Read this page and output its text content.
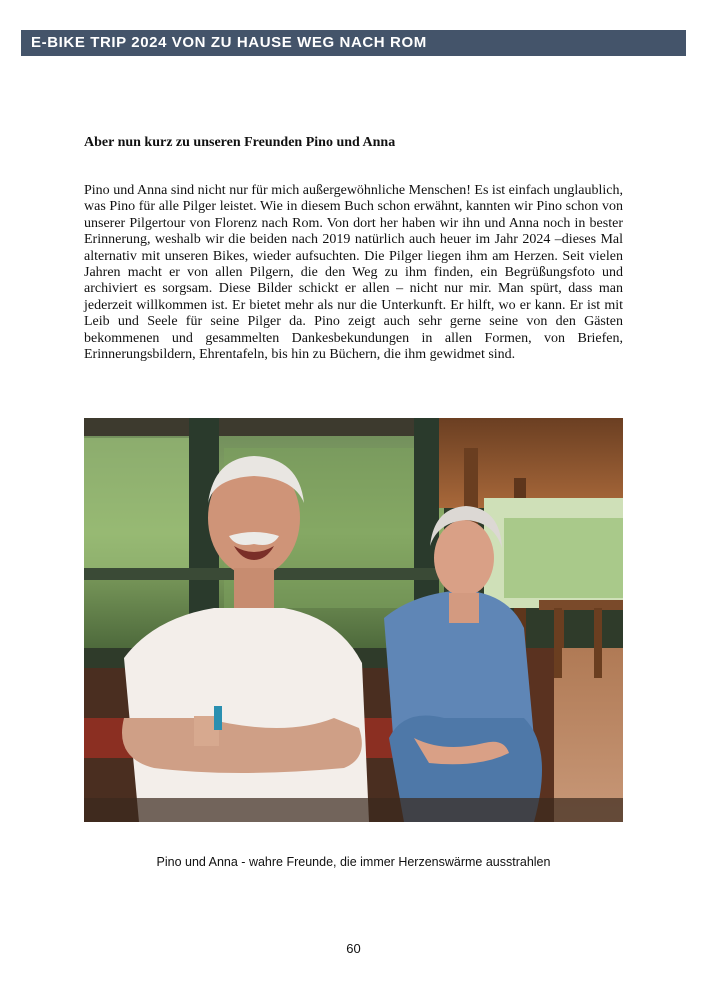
E-BIKE TRIP 2024 VON ZU HAUSE WEG NACH ROM
Aber nun kurz zu unseren Freunden Pino und Anna

Pino und Anna sind nicht nur für mich außergewöhnliche Menschen! Es ist einfach unglaublich, was Pino für alle Pilger leistet. Wie in diesem Buch schon erwähnt, kannten wir Pino schon von unserer Pilgertour von Florenz nach Rom. Von dort her haben wir ihn und Anna noch in bester Erinnerung, weshalb wir die beiden nach 2019 natürlich auch heuer im Jahr 2024 –dieses Mal alternativ mit unseren Bikes, wieder aufsuchten. Die Pilger liegen ihm am Herzen. Seit vielen Jahren macht er von allen Pilgern, die den Weg zu ihm finden, ein Begrüßungsfoto und archiviert es sorgsam. Diese Bilder schickt er allen – nicht nur mir. Man spürt, dass man jederzeit willkommen ist. Er bietet mehr als nur die Unterkunft. Er hilft, wo er kann. Er ist mit Leib und Seele für seine Pilger da. Pino zeigt auch sehr gerne seine von den Gästen bekommenen und gesammelten Dankesbekundungen in allen Formen, von Briefen, Erinnerungsbildern, Ehrentafeln, bis hin zu Büchern, die ihm gewidmet sind.

Pino und Anna - wahre Freunde, die immer Herzenswärme ausstrahlen
60
